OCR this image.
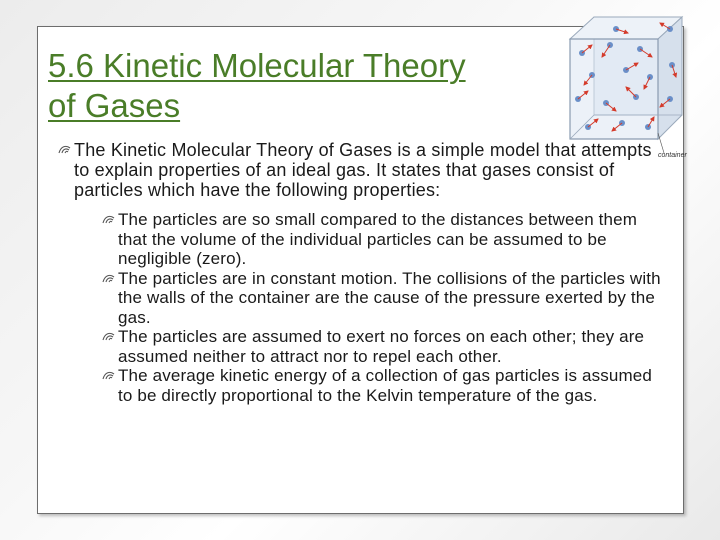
5.6 Kinetic Molecular Theory
of Gases
container
The Kinetic Molecular Theory of Gases is a simple model that attempts to explain properties of an ideal gas. It states that gases consist of particles which have the following properties:
The particles are so small compared to the distances between them that the volume of the individual particles can be assumed to be negligible (zero).
The particles are in constant motion. The collisions of the particles with the walls of the container are the cause of the pressure exerted by the gas.
The particles are assumed to exert no forces on each other; they are assumed neither to attract nor to repel each other.
The average kinetic energy of a collection of gas particles is assumed to be directly proportional to the Kelvin temperature of the gas.
